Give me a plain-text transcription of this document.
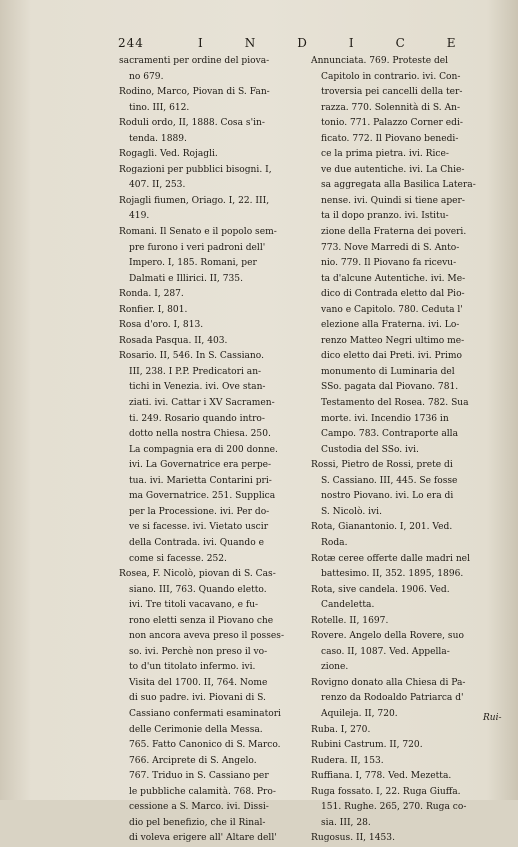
244	INDICE
sacramenti per ordine del piova-
no 679.
Rodino, Marco, Piovan di S. Fan-
tino. III, 612.
Roduli ordo, II, 1888. Cosa s'in-
tenda. 1889.
Rogagli. Ved. Rojagli.
Rogazioni per pubblici bisogni. I,
407. II, 253.
Rojagli fiumen, Oriago. I, 22. III,
419.
Romani. Il Senato e il popolo sem-
pre furono i veri padroni dell'
Impero. I, 185. Romani, per
Dalmati e Illirici. II, 735.
Ronda. I, 287.
Ronfier. I, 801.
Rosa d'oro. I, 813.
Rosada Pasqua. II, 403.
Rosario. II, 546. In S. Cassiano.
III, 238. I P.P. Predicatori an-
tichi in Venezia. ivi. Ove stan-
ziati. ivi. Cattar i XV Sacramen-
ti. 249. Rosario quando intro-
dotto nella nostra Chiesa. 250.
La compagnia era di 200 donne.
ivi. La Governatrice era perpe-
tua. ivi. Marietta Contarini pri-
ma Governatrice. 251. Supplica
per la Processione. ivi. Per do-
ve si facesse. ivi. Vietato uscir
della Contrada. ivi. Quando e
come si facesse. 252.
Rosea, F. Nicolò, piovan di S. Cas-
siano. III, 763. Quando eletto.
ivi. Tre titoli vacavano, e fu-
rono eletti senza il Piovano che
non ancora aveva preso il posses-
so. ivi. Perchè non preso il vo-
to d'un titolato infermo. ivi.
Visita del 1700. II, 764. Nome
di suo padre. ivi. Piovani di S.
Cassiano confermati esaminatori
delle Cerimonie della Messa.
765. Fatto Canonico di S. Marco.
766. Arciprete di S. Angelo.
767. Triduo in S. Cassiano per
le pubbliche calamità. 768. Pro-
cessione a S. Marco. ivi. Dissi-
dio pel benefizio, che il Rinal-
di voleva erigere all' Altare dell'
Annunciata. 769. Proteste del
Capitolo in contrario. ivi. Con-
troversia pei cancelli della ter-
razza. 770. Solennità di S. An-
tonio. 771. Palazzo Corner edi-
ficato. 772. Il Piovano benedi-
ce la prima pietra. ivi. Rice-
ve due autentiche. ivi. La Chie-
sa aggregata alla Basilica Latera-
nense. ivi. Quindi si tiene aper-
ta il dopo pranzo. ivi. Istitu-
zione della Fraterna dei poveri.
773. Nove Marredi di S. Anto-
nio. 779. Il Piovano fa ricevu-
ta d'alcune Autentiche. ivi. Me-
dico di Contrada eletto dal Pio-
vano e Capitolo. 780. Ceduta l'
elezione alla Fraterna. ivi. Lo-
renzo Matteo Negri ultimo me-
dico eletto dai Preti. ivi. Primo
monumento di Luminaria del
SSo. pagata dal Piovano. 781.
Testamento del Rosea. 782. Sua
morte. ivi. Incendio 1736 in
Campo. 783. Contraporte alla
Custodia del SSo. ivi.
Rossi, Pietro de Rossi, prete di
S. Cassiano. III, 445. Se fosse
nostro Piovano. ivi. Lo era di
S. Nicolò. ivi.
Rota, Gianantonio. I, 201. Ved.
Roda.
Rotæ ceree offerte dalle madri nel
battesimo. II, 352. 1895, 1896.
Rota, sive candela. 1906. Ved.
Candeletta.
Rotelle. II, 1697.
Rovere. Angelo della Rovere, suo
caso. II, 1087. Ved. Appella-
zione.
Rovigno donato alla Chiesa di Pa-
renzo da Rodoaldo Patriarca d'
Aquileja. II, 720.
Ruba. I, 270.
Rubini Castrum. II, 720.
Rudera. II, 153.
Ruffiana. I, 778. Ved. Mezetta.
Ruga fossato. I, 22. Ruga Giuffa.
151. Rughe. 265, 270. Ruga co-
sia. III, 28.
Rugosus. II, 1453.
Rui-
